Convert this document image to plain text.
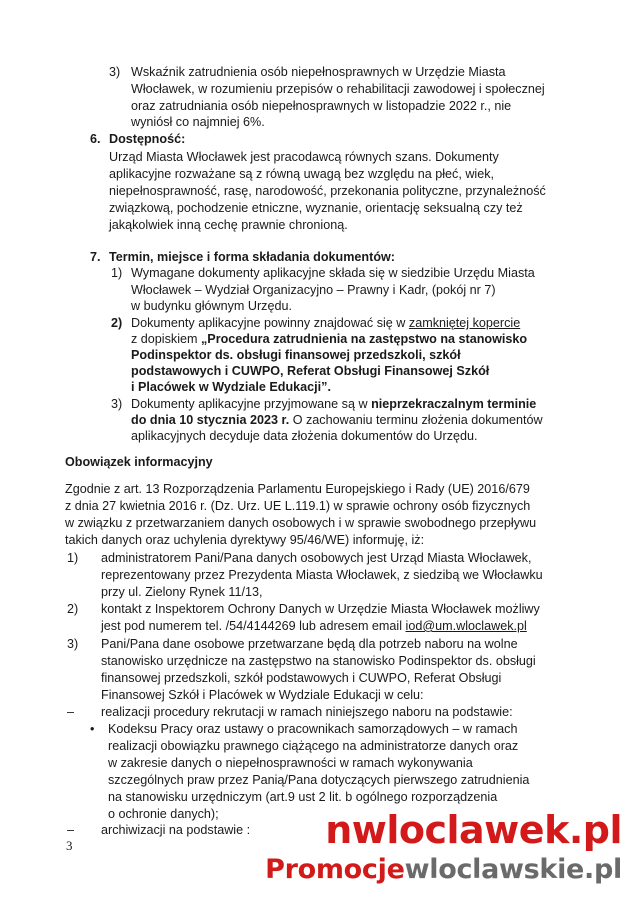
3) Wskaźnik zatrudnienia osób niepełnosprawnych w Urzędzie Miasta
Włocławek, w rozumieniu przepisów o rehabilitacji zawodowej i społecznej
oraz zatrudniania osób niepełnosprawnych w listopadzie 2022 r., nie
wyniósł co najmniej 6%.
6. Dostępność:
Urząd Miasta Włocławek jest pracodawcą równych szans. Dokumenty
aplikacyjne rozważane są z równą uwagą bez względu na płeć, wiek,
niepełnosprawność, rasę, narodowość, przekonania polityczne, przynależność
związkową, pochodzenie etniczne, wyznanie, orientację seksualną czy też
jakąkolwiek inną cechę prawnie chronioną.
7. Termin, miejsce i forma składania dokumentów:
1) Wymagane dokumenty aplikacyjne składa się w siedzibie Urzędu Miasta
Włocławek – Wydział Organizacyjno – Prawny i Kadr, (pokój nr 7)
w budynku głównym Urzędu.
2) Dokumenty aplikacyjne powinny znajdować się w zamkniętej kopercie
z dopiskiem „Procedura zatrudnienia na zastępstwo na stanowisko
Podinspektor ds. obsługi finansowej przedszkoli, szkół
podstawowych i CUWPO, Referat Obsługi Finansowej Szkół
i Placówek w Wydziale Edukacji”.
3) Dokumenty aplikacyjne przyjmowane są w nieprzekraczalnym terminie
do dnia 10 stycznia 2023 r. O zachowaniu terminu złożenia dokumentów
aplikacyjnych decyduje data złożenia dokumentów do Urzędu.
Obowiązek informacyjny
Zgodnie z art. 13 Rozporządzenia Parlamentu Europejskiego i Rady (UE) 2016/679
z dnia 27 kwietnia 2016 r. (Dz. Urz. UE L.119.1) w sprawie ochrony osób fizycznych
w związku z przetwarzaniem danych osobowych i w sprawie swobodnego przepływu
takich danych oraz uchylenia dyrektywy 95/46/WE) informuję, iż:
1) administratorem Pani/Pana danych osobowych jest Urząd Miasta Włocławek,
reprezentowany przez Prezydenta Miasta Włocławek, z siedzibą we Włocławku
przy ul. Zielony Rynek 11/13,
2) kontakt z Inspektorem Ochrony Danych w Urzędzie Miasta Włocławek możliwy
jest pod numerem tel. /54/4144269 lub adresem email iod@um.wloclawek.pl
3) Pani/Pana dane osobowe przetwarzane będą dla potrzeb naboru na wolne
stanowisko urzędnicze na zastępstwo na stanowisko Podinspektor ds. obsługi
finansowej przedszkoli, szkół podstawowych i CUWPO, Referat Obsługi
Finansowej Szkół i Placówek w Wydziale Edukacji w celu:
– realizacji procedury rekrutacji w ramach niniejszego naboru na podstawie:
• Kodeksu Pracy oraz ustawy o pracownikach samorządowych – w ramach
realizacji obowiązku prawnego ciążącego na administratorze danych oraz
w zakresie danych o niepełnosprawności w ramach wykonywania
szczególnych praw przez Panią/Pana dotyczących pierwszego zatrudnienia
na stanowisku urzędniczym (art.9 ust 2 lit. b ogólnego rozporządzenia
o ochronie danych);
– archiwizacji na podstawie :
3	nwloclawek.pl
Promocjewloclawskie.pl
